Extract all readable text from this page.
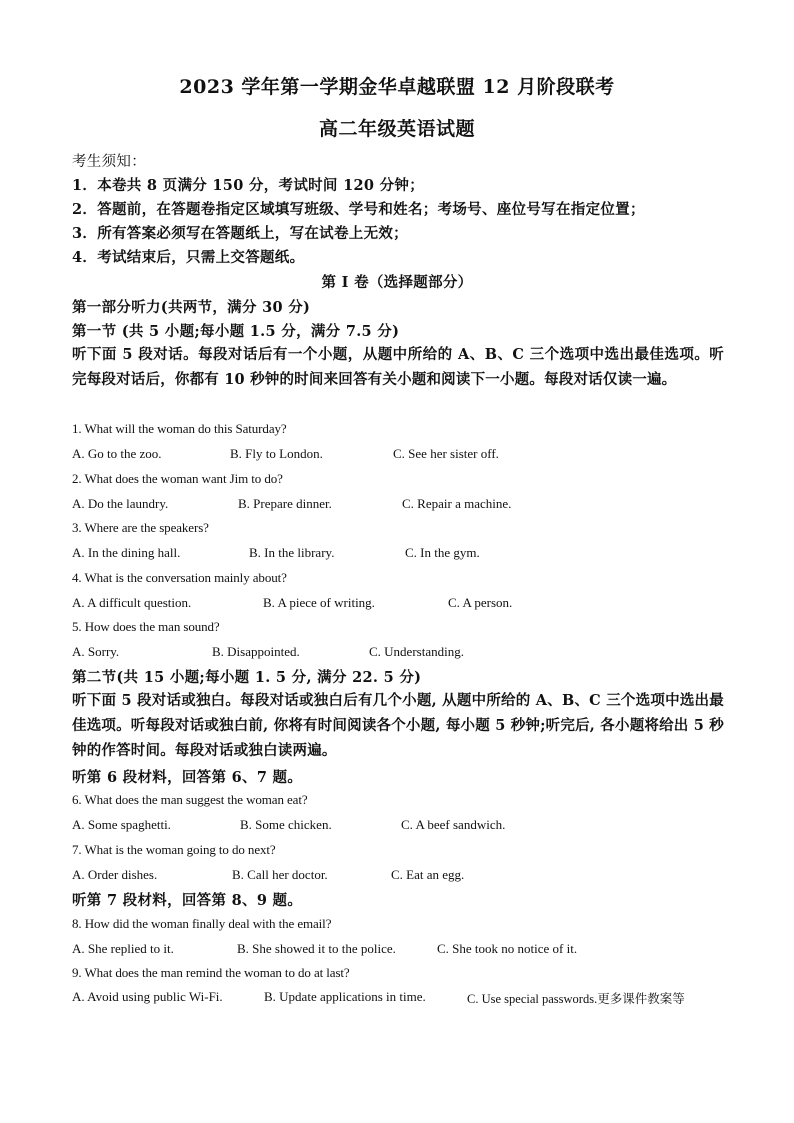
2023 学年第一学期金华卓越联盟 12 月阶段联考
高二年级英语试题
考生须知：
1．本卷共 8 页满分 150 分，考试时间 120 分钟；
2．答题前，在答题卷指定区域填写班级、学号和姓名；考场号、座位号写在指定位置；
3．所有答案必须写在答题纸上，写在试卷上无效；
4．考试结束后，只需上交答题纸。
第 I 卷（选择题部分）
第一部分听力(共两节，满分 30 分)
第一节 (共 5 小题;每小题 1.5 分，满分 7.5 分)
听下面 5 段对话。每段对话后有一个小题，从题中所给的 A、B、C 三个选项中选出最佳选项。听完每段对话后，你都有 10 秒钟的时间来回答有关小题和阅读下一小题。每段对话仅读一遍。
1. What will the woman do this Saturday?
A. Go to the zoo.	B. Fly to London.	C. See her sister off.
2. What does the woman want Jim to do?
A. Do the laundry.	B. Prepare dinner.	C. Repair a machine.
3. Where are the speakers?
A. In the dining hall.	B. In the library.	C. In the gym.
4. What is the conversation mainly about?
A. A difficult question.	B. A piece of writing.	C. A person.
5. How does the man sound?
A. Sorry.	B. Disappointed.	C. Understanding.
第二节(共 15 小题;每小题 1. 5 分, 满分 22. 5 分)
听下面 5 段对话或独白。每段对话或独白后有几个小题, 从题中所给的 A、B、C 三个选项中选出最佳选项。听每段对话或独白前, 你将有时间阅读各个小题, 每小题 5 秒钟;听完后, 各小题将给出 5 秒钟的作答时间。每段对话或独白读两遍。
听第 6 段材料，回答第 6、7 题。
6. What does the man suggest the woman eat?
A. Some spaghetti.	B. Some chicken.	C. A beef sandwich.
7. What is the woman going to do next?
A. Order dishes.	B. Call her doctor.	C. Eat an egg.
听第 7 段材料，回答第 8、9 题。
8. How did the woman finally deal with the email?
A. She replied to it.	B. She showed it to the police.	C. She took no notice of it.
9. What does the man remind the woman to do at last?
A. Avoid using public Wi-Fi.	B. Update applications in time.	C. Use special passwords.更多课件教案等
